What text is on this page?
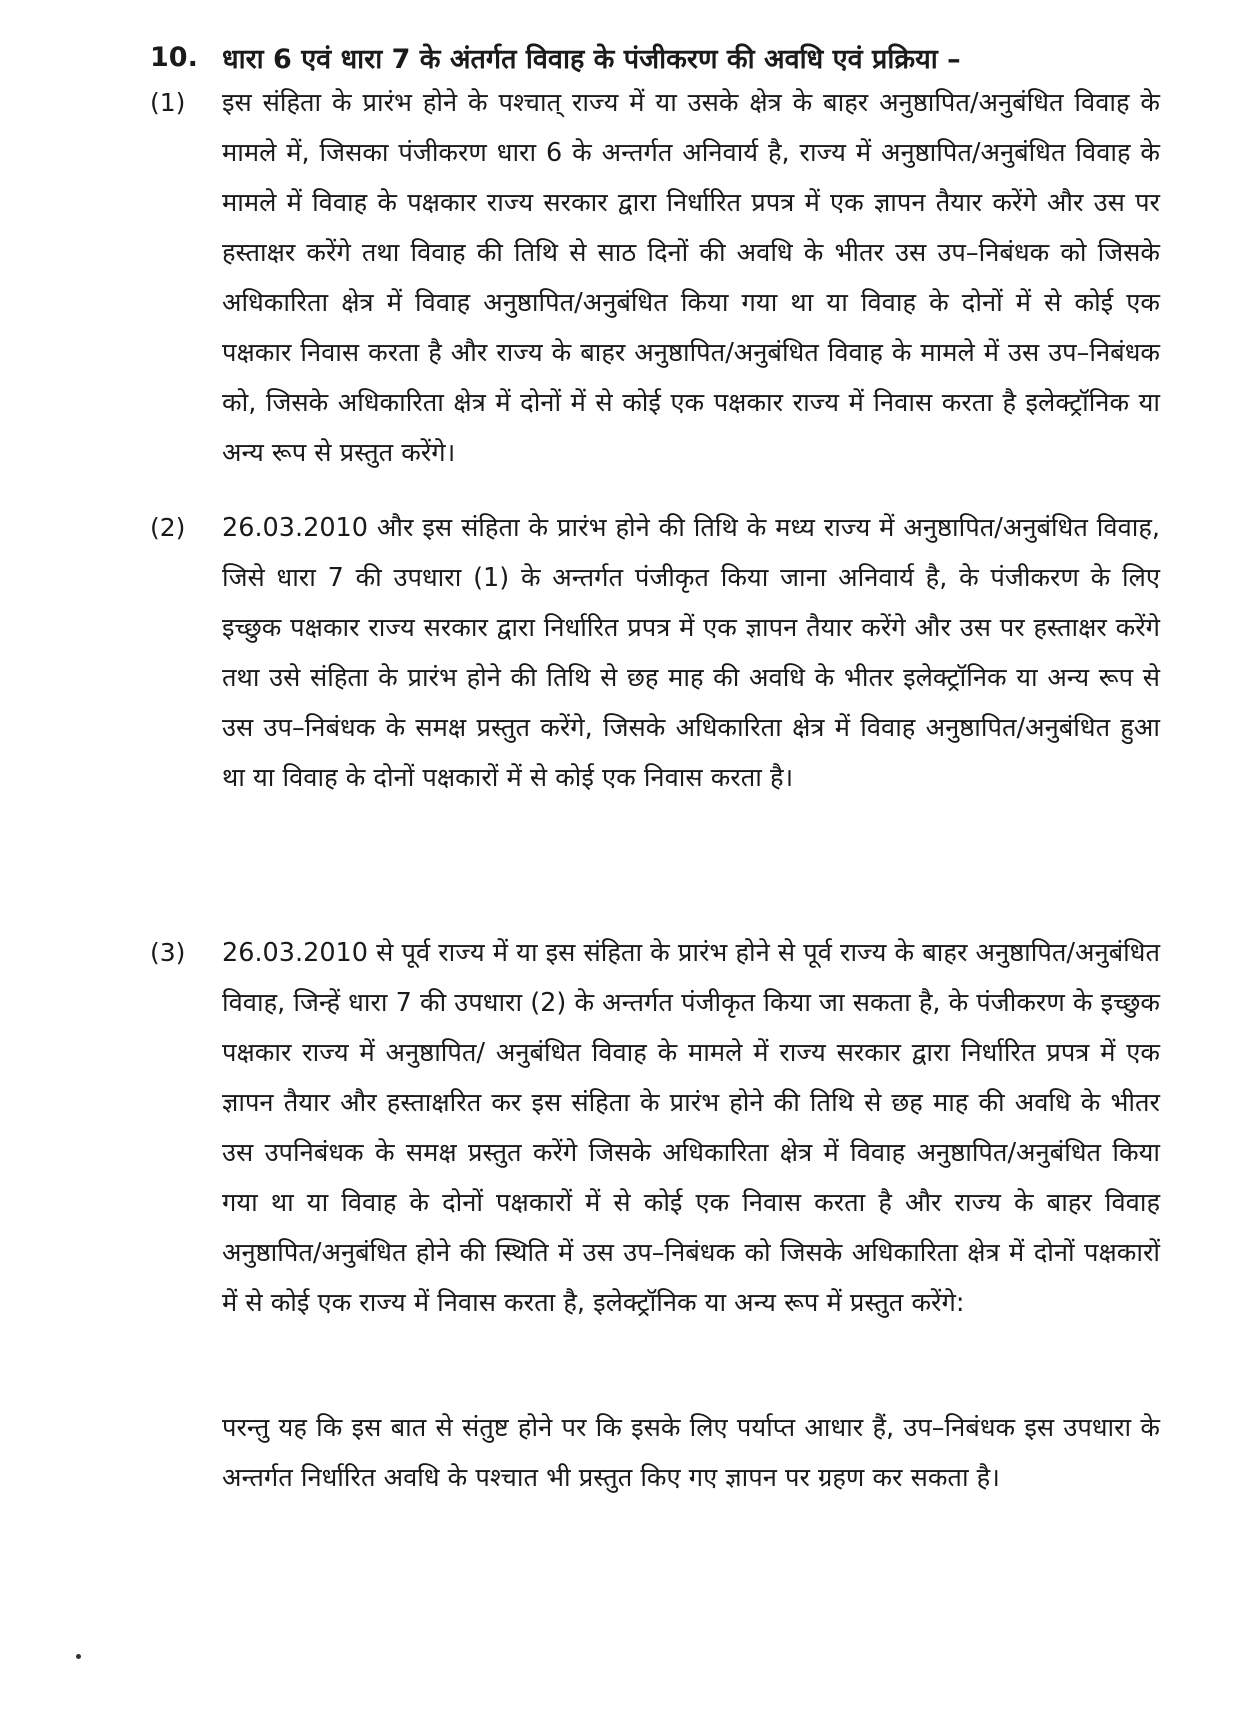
10. धारा 6 एवं धारा 7 के अंतर्गत विवाह के पंजीकरण की अवधि एवं प्रक्रिया –
(1)	इस संहिता के प्रारंभ होने के पश्चात् राज्य में या उसके क्षेत्र के बाहर अनुष्ठापित/अनुबंधित विवाह के मामले में, जिसका पंजीकरण धारा 6 के अन्तर्गत अनिवार्य है, राज्य में अनुष्ठापित/अनुबंधित विवाह के मामले में विवाह के पक्षकार राज्य सरकार द्वारा निर्धारित प्रपत्र में एक ज्ञापन तैयार करेंगे और उस पर हस्ताक्षर करेंगे तथा विवाह की तिथि से साठ दिनों की अवधि के भीतर उस उप–निबंधक को जिसके अधिकारिता क्षेत्र में विवाह अनुष्ठापित/अनुबंधित किया गया था या विवाह के दोनों में से कोई एक पक्षकार निवास करता है और राज्य के बाहर अनुष्ठापित/अनुबंधित विवाह के मामले में उस उप–निबंधक को, जिसके अधिकारिता क्षेत्र में दोनों में से कोई एक पक्षकार राज्य में निवास करता है इलेक्ट्रॉनिक या अन्य रूप से प्रस्तुत करेंगे।
(2)	26.03.2010 और इस संहिता के प्रारंभ होने की तिथि के मध्य राज्य में अनुष्ठापित/अनुबंधित विवाह, जिसे धारा 7 की उपधारा (1) के अन्तर्गत पंजीकृत किया जाना अनिवार्य है, के पंजीकरण के लिए इच्छुक पक्षकार राज्य सरकार द्वारा निर्धारित प्रपत्र में एक ज्ञापन तैयार करेंगे और उस पर हस्ताक्षर करेंगे तथा उसे संहिता के प्रारंभ होने की तिथि से छह माह की अवधि के भीतर इलेक्ट्रॉनिक या अन्य रूप से उस उप–निबंधक के समक्ष प्रस्तुत करेंगे, जिसके अधिकारिता क्षेत्र में विवाह अनुष्ठापित/अनुबंधित हुआ था या विवाह के दोनों पक्षकारों में से कोई एक निवास करता है।
(3)	26.03.2010 से पूर्व राज्य में या इस संहिता के प्रारंभ होने से पूर्व राज्य के बाहर अनुष्ठापित/अनुबंधित विवाह, जिन्हें धारा 7 की उपधारा (2) के अन्तर्गत पंजीकृत किया जा सकता है, के पंजीकरण के इच्छुक पक्षकार राज्य में अनुष्ठापित/ अनुबंधित विवाह के मामले में राज्य सरकार द्वारा निर्धारित प्रपत्र में एक ज्ञापन तैयार और हस्ताक्षरित कर इस संहिता के प्रारंभ होने की तिथि से छह माह की अवधि के भीतर उस उपनिबंधक के समक्ष प्रस्तुत करेंगे जिसके अधिकारिता क्षेत्र में विवाह अनुष्ठापित/अनुबंधित किया गया था या विवाह के दोनों पक्षकारों में से कोई एक निवास करता है और राज्य के बाहर विवाह अनुष्ठापित/अनुबंधित होने की स्थिति में उस उप–निबंधक को जिसके अधिकारिता क्षेत्र में दोनों पक्षकारों में से कोई एक राज्य में निवास करता है, इलेक्ट्रॉनिक या अन्य रूप में प्रस्तुत करेंगे:
परन्तु यह कि इस बात से संतुष्ट होने पर कि इसके लिए पर्याप्त आधार हैं, उप–निबंधक इस उपधारा के अन्तर्गत निर्धारित अवधि के पश्चात भी प्रस्तुत किए गए ज्ञापन पर ग्रहण कर सकता है।
